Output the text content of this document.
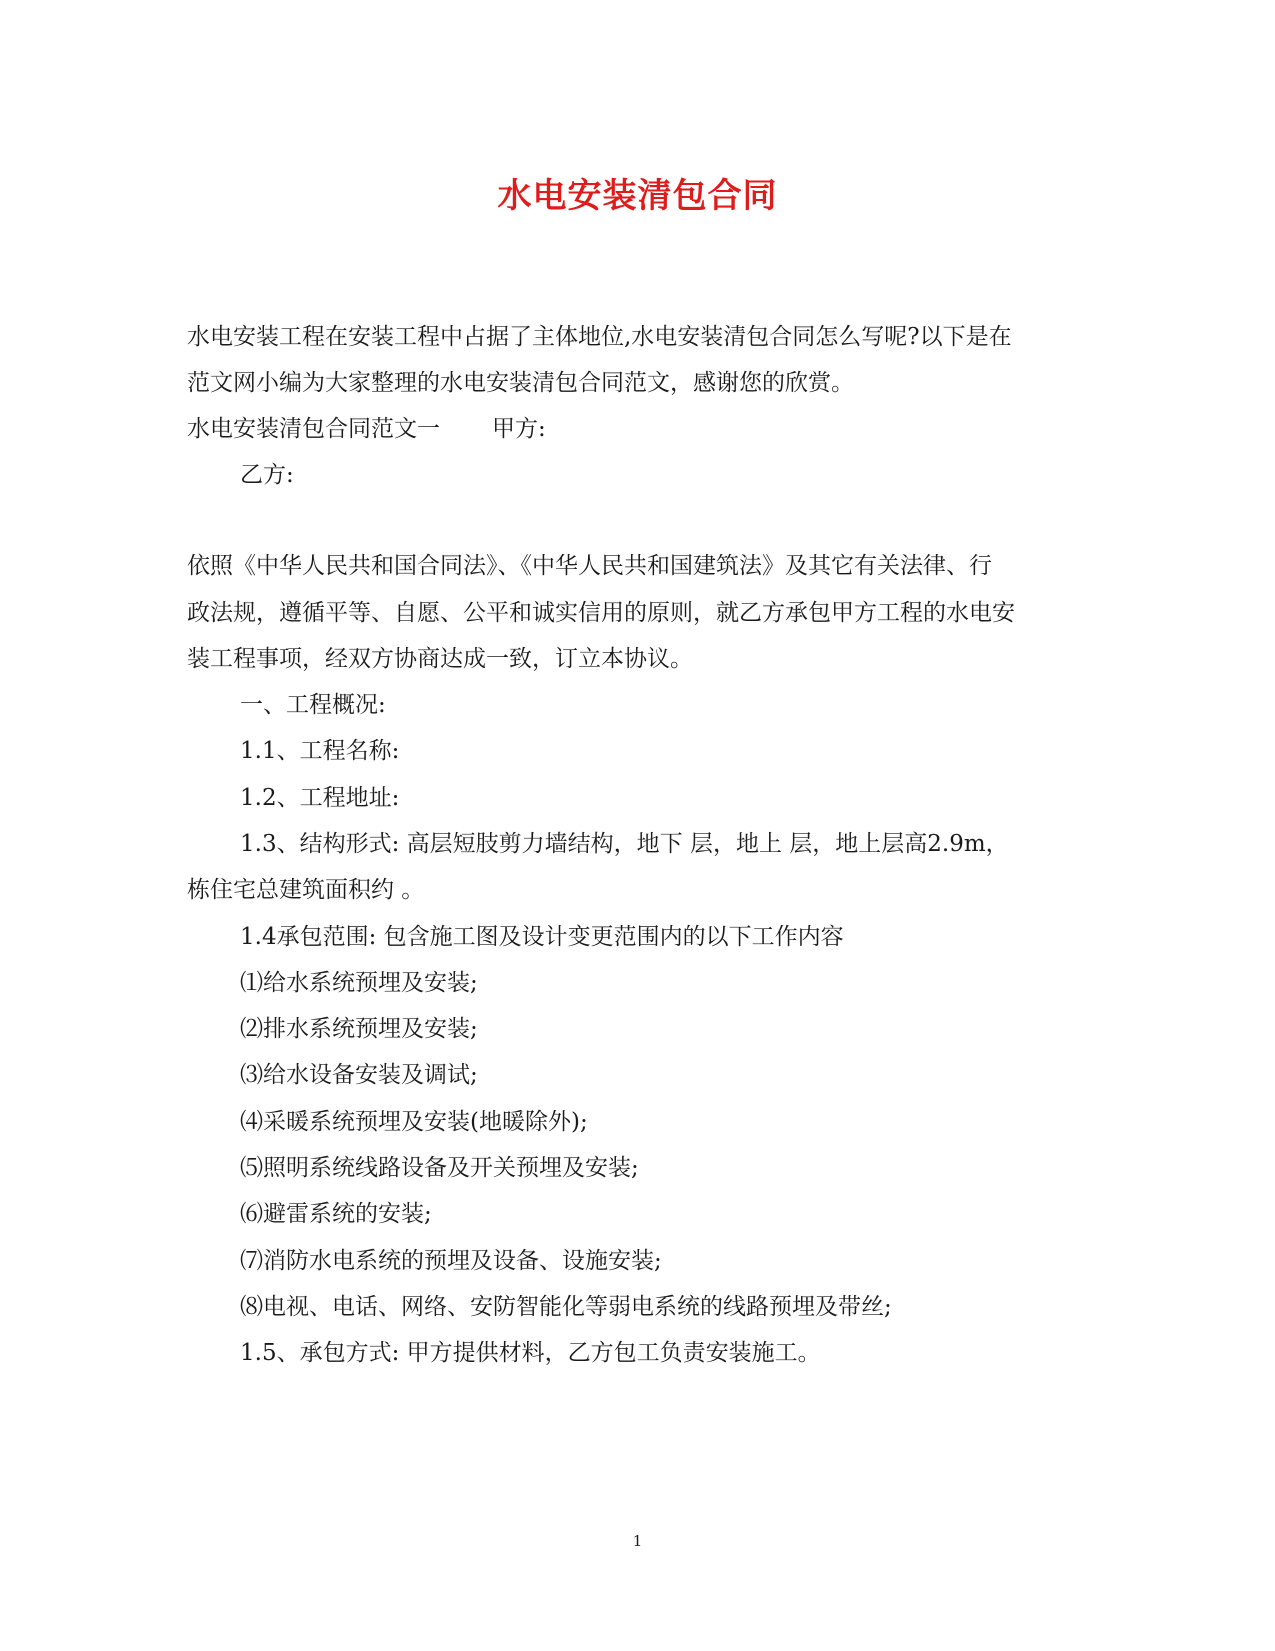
水电安装清包合同
水电安装工程在安装工程中占据了主体地位,水电安装清包合同怎么写呢?以下是在
范文网小编为大家整理的水电安装清包合同范文，感谢您的欣赏。
水电安装清包合同范文一 甲方:
乙方:
依照《中华人民共和国合同法》、《中华人民共和国建筑法》及其它有关法律、行
政法规，遵循平等、自愿、公平和诚实信用的原则，就乙方承包甲方工程的水电安
装工程事项，经双方协商达成一致，订立本协议。
一、工程概况:
1.1、工程名称:
1.2、工程地址:
1.3、结构形式: 高层短肢剪力墙结构，地下 层，地上 层，地上层高2.9m，
栋住宅总建筑面积约 。
1.4承包范围: 包含施工图及设计变更范围内的以下工作内容
⑴给水系统预埋及安装;
⑵排水系统预埋及安装;
⑶给水设备安装及调试;
⑷采暖系统预埋及安装(地暖除外);
⑸照明系统线路设备及开关预埋及安装;
⑹避雷系统的安装;
⑺消防水电系统的预埋及设备、设施安装;
⑻电视、电话、网络、安防智能化等弱电系统的线路预埋及带丝;
1.5、承包方式: 甲方提供材料，乙方包工负责安装施工。
1
